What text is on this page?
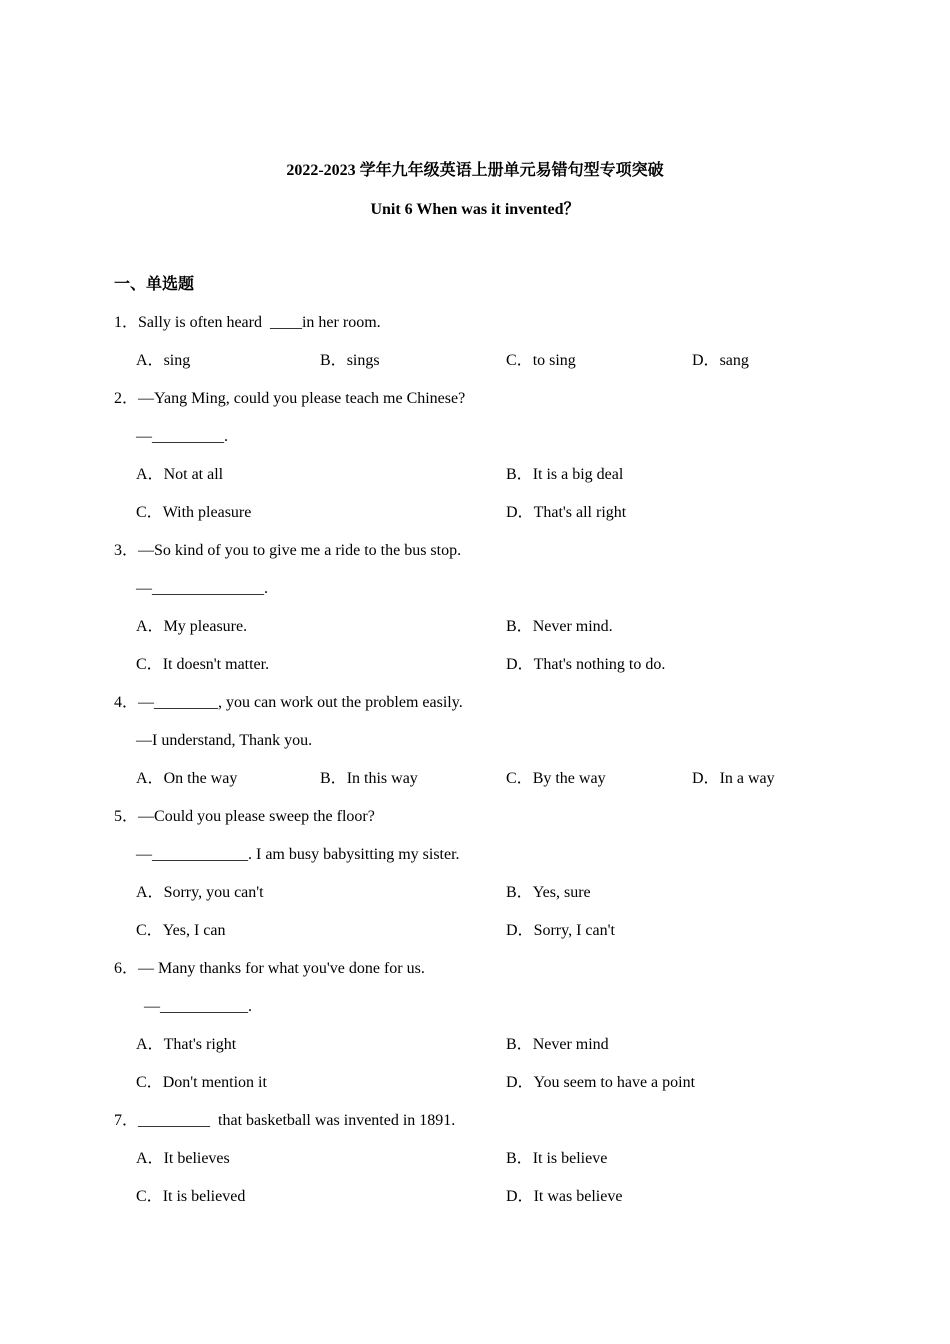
2022-2023 学年九年级英语上册单元易错句型专项突破
Unit 6 When was it invented？
一、单选题
1．Sally is often heard  ____in her room.
A．sing	B．sings	C．to sing	D．sang
2．—Yang Ming, could you please teach me Chinese?
—_________.
A．Not at all	B．It is a big deal
C．With pleasure	D．That's all right
3．—So kind of you to give me a ride to the bus stop.
—______________.
A．My pleasure.	B．Never mind.
C．It doesn't matter.	D．That's nothing to do.
4．—________, you can work out the problem easily.
—I understand, Thank you.
A．On the way	B．In this way	C．By the way	D．In a way
5．—Could you please sweep the floor?
—____________. I am busy babysitting my sister.
A．Sorry, you can't	B．Yes, sure
C．Yes, I can	D．Sorry, I can't
6．— Many thanks for what you've done for us.
—___________.
A．That's right	B．Never mind
C．Don't mention it	D．You seem to have a point
7．_________  that basketball was invented in 1891.
A．It believes	B．It is believe
C．It is believed	D．It was believe
